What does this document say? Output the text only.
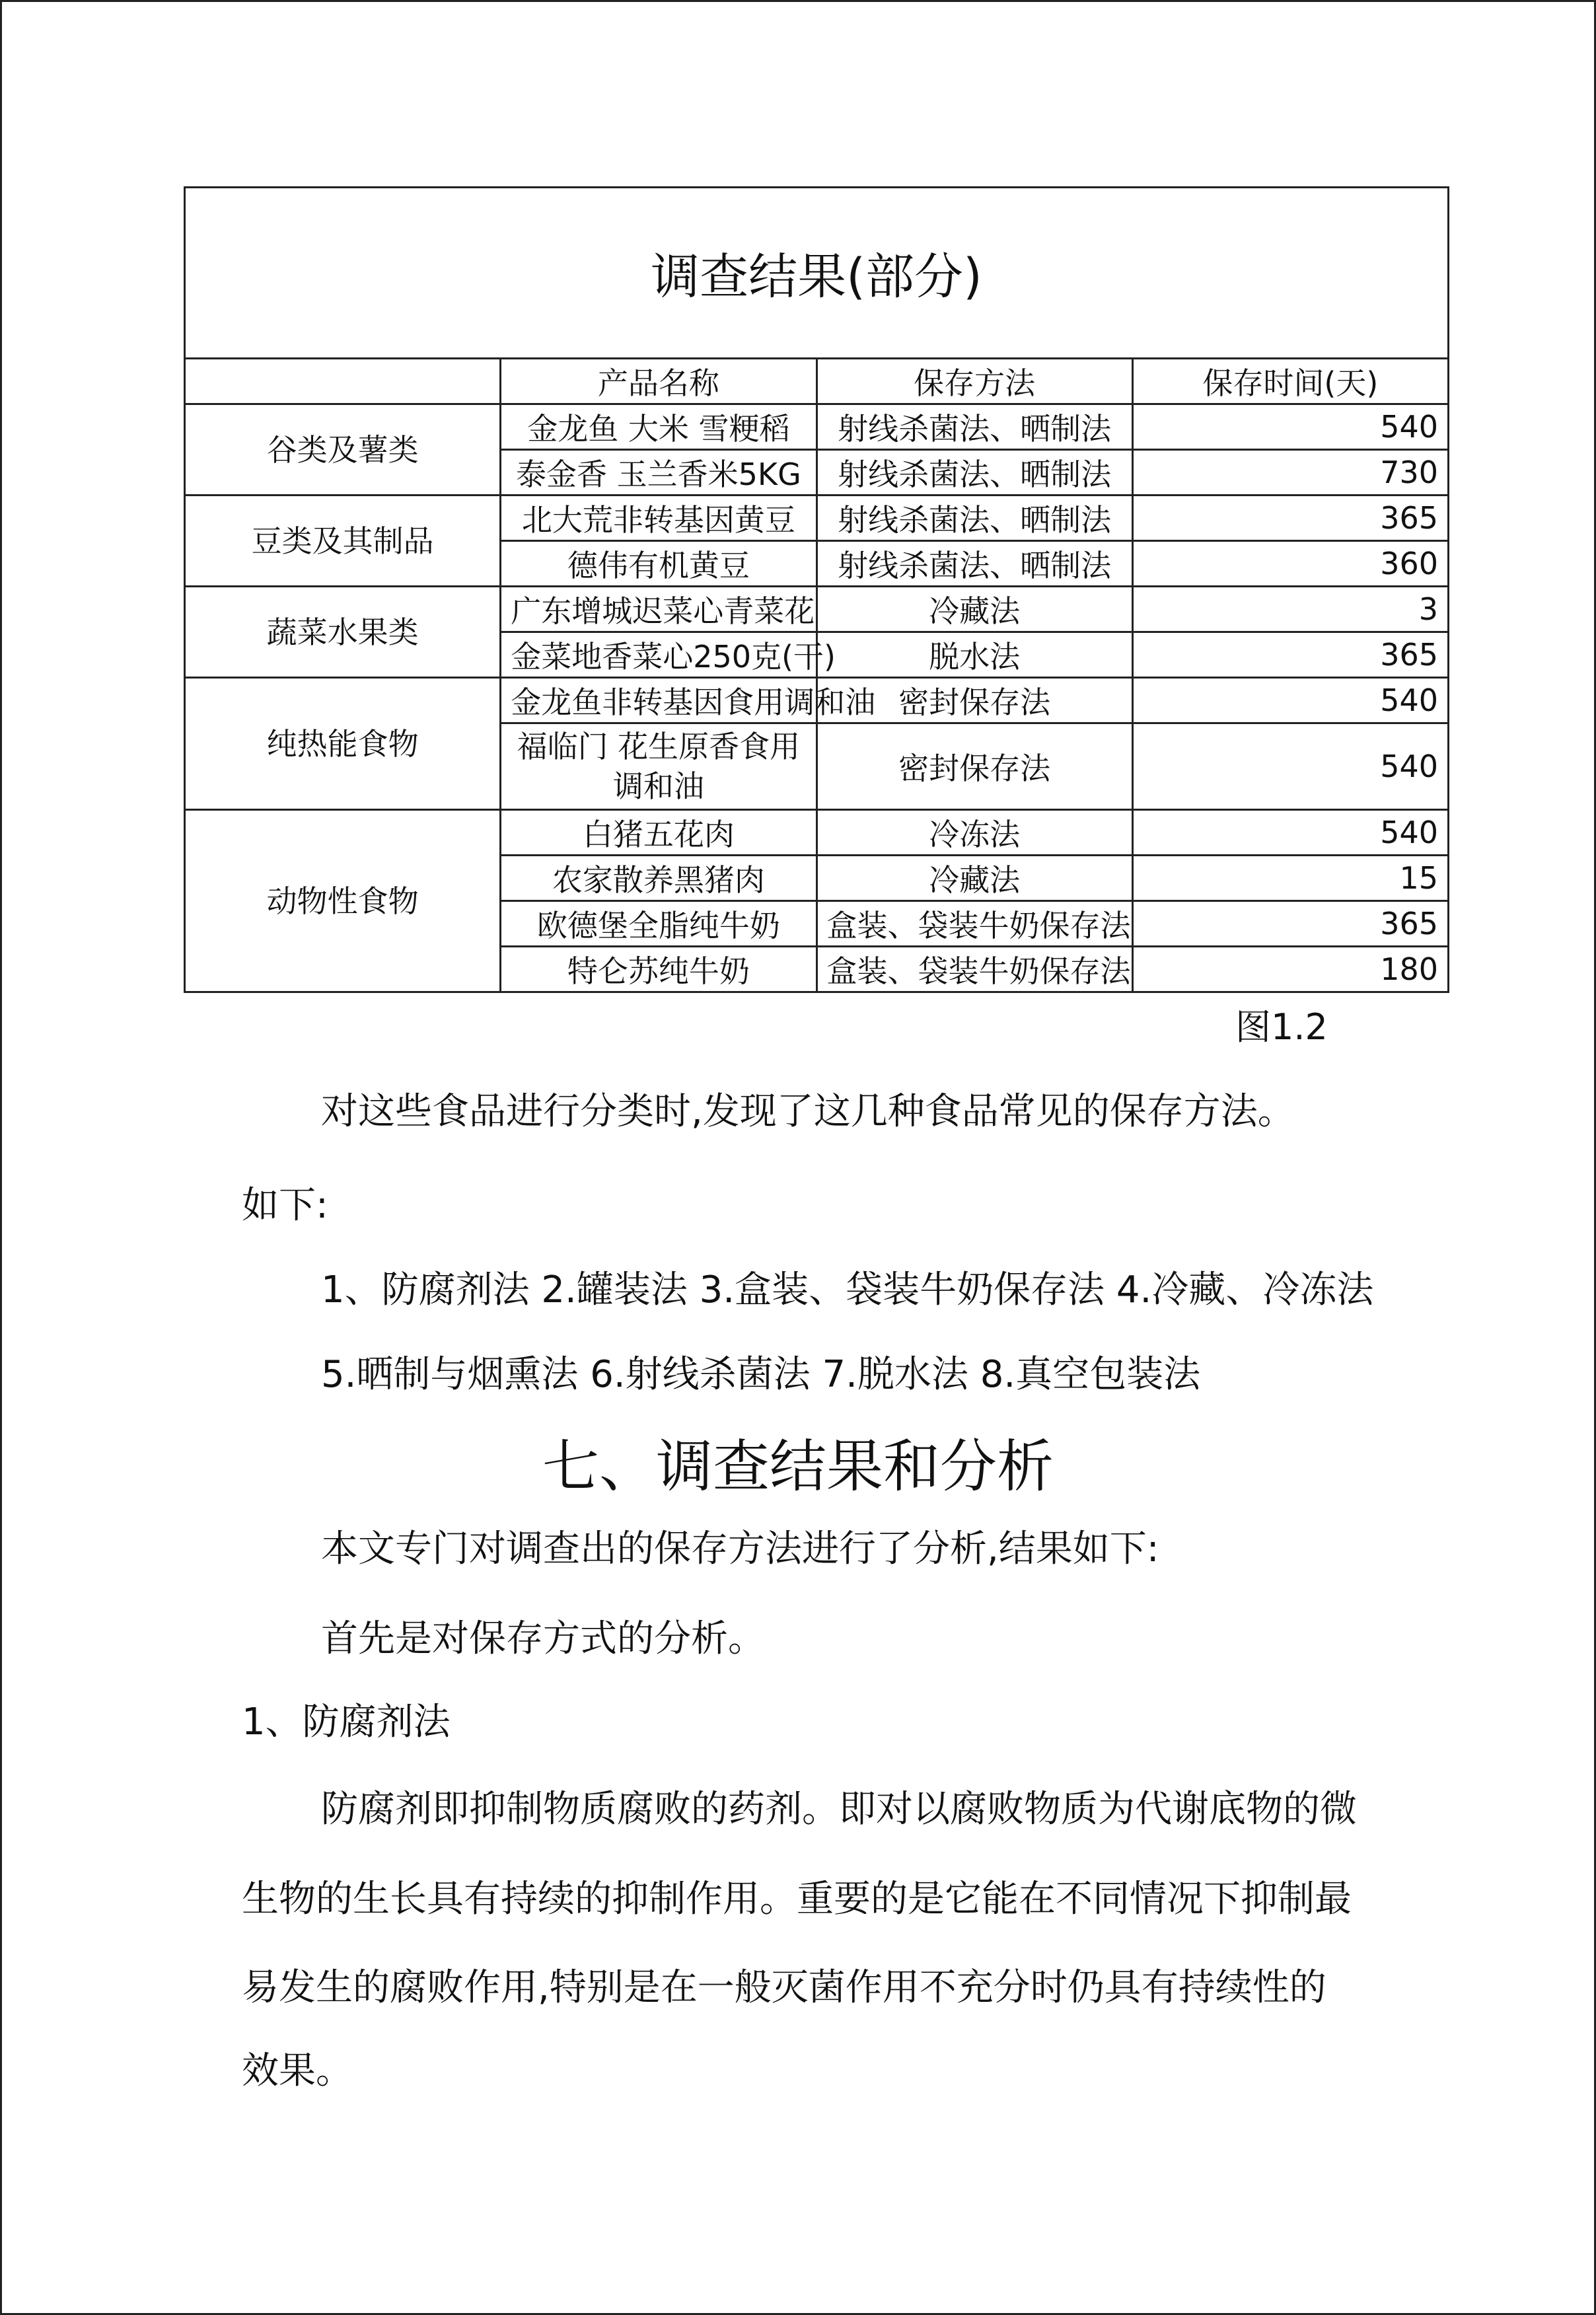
调查结果(部分)			
	产品名称	保存方法	保存时间(天)
谷类及薯类	金龙鱼 大米 雪粳稻	射线杀菌法、晒制法	540
	泰金香 玉兰香米5KG	射线杀菌法、晒制法	730
豆类及其制品	北大荒非转基因黄豆	射线杀菌法、晒制法	365
	德伟有机黄豆	射线杀菌法、晒制法	360
蔬菜水果类	广东增城迟菜心青菜花	冷藏法	3
	金菜地香菜心250克(干)	脱水法	365
纯热能食物	金龙鱼非转基因食用调和油	密封保存法	540
	福临门 花生原香食用调和油	密封保存法	540
动物性食物	白猪五花肉	冷冻法	540
	农家散养黑猪肉	冷藏法	15
	欧德堡全脂纯牛奶	盒装、袋装牛奶保存法	365
	特仑苏纯牛奶	盒装、袋装牛奶保存法	180
图1.2
对这些食品进行分类时,发现了这几种食品常见的保存方法。
如下:
1、防腐剂法 2.罐装法 3.盒装、袋装牛奶保存法 4.冷藏、冷冻法
5.晒制与烟熏法 6.射线杀菌法 7.脱水法 8.真空包装法
七、调查结果和分析
本文专门对调查出的保存方法进行了分析,结果如下:
首先是对保存方式的分析。
1、防腐剂法
防腐剂即抑制物质腐败的药剂。即对以腐败物质为代谢底物的微
生物的生长具有持续的抑制作用。重要的是它能在不同情况下抑制最
易发生的腐败作用,特别是在一般灭菌作用不充分时仍具有持续性的
效果。
